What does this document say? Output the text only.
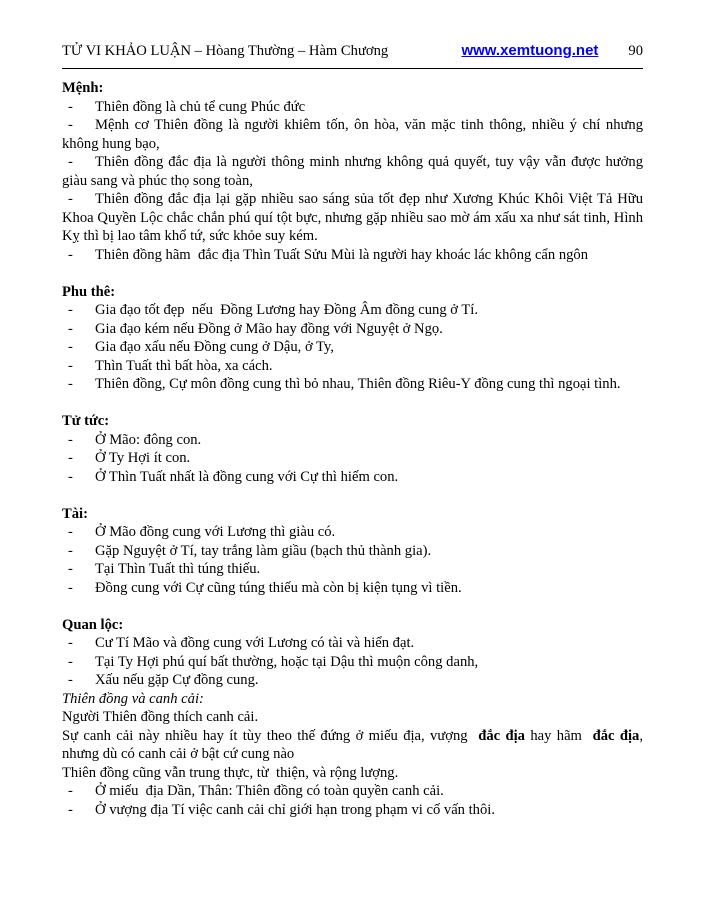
TỬ VI KHẢO LUẬN – Hòang Thường – Hàm Chương	www.xemtuong.net 90

Mệnh:

- Thiên đồng là chủ tể cung Phúc đức

- Mệnh cơ Thiên đồng là người khiêm tốn, ôn hòa, văn mặc tinh thông, nhiều ý chí nhưng không hung bạo,

- Thiên đồng đắc địa là người thông minh nhưng không quả quyết, tuy vậy vẫn được hưởng giàu sang và phúc thọ song toàn,

- Thiên đồng đắc địa lại gặp nhiều sao sáng sủa tốt đẹp như Xương Khúc Khôi Việt Tả Hữu Khoa Quyền Lộc chắc chắn phú quí tột bực, nhưng gặp nhiều sao mờ ám xấu xa như sát tinh, Hình Kỵ thì bị lao tâm khổ tứ, sức khỏe suy kém.

- Thiên đồng hãm  đắc địa Thìn Tuất Sửu Mùi là người hay khoác lác không cẩn ngôn

Phu thê:

- Gia đạo tốt đẹp  nếu  Đồng Lương hay Đồng Âm đồng cung ở Tí.

- Gia đạo kém nếu Đồng ở Mão hay đồng với Nguyệt ở Ngọ.

- Gia đạo xấu nếu Đồng cung ở Dậu, ở Ty,

- Thìn Tuất thì bất hòa, xa cách.

- Thiên đồng, Cự môn đồng cung thì bỏ nhau, Thiên đồng Riêu-Y đồng cung thì ngoại tình.

Tử tức:

- Ở Mão: đông con.

- Ở Ty Hợi ít con.

- Ở Thìn Tuất nhất là đồng cung với Cự thì hiếm con.

Tài:

- Ở Mão đồng cung với Lương thì giàu có.

- Gặp Nguyệt ở Tí, tay trắng làm giầu (bạch thủ thành gia).

- Tại Thìn Tuất thì túng thiếu.

- Đồng cung với Cự cũng túng thiếu mà còn bị kiện tụng vì tiền.

Quan lộc:

- Cư Tí Mão và đồng cung với Lương có tài và hiển đạt.

- Tại Ty Hợi phú quí bất thường, hoặc tại Dậu thì muộn công danh,

- Xấu nếu gặp Cự đồng cung.

Thiên đồng và canh cải:

Người Thiên đồng thích canh cải.

Sự canh cải này nhiều hay ít tùy theo thế đứng ở miếu địa, vượng  đắc địa hay hãm  đắc địa, nhưng dù có canh cải ở bật cứ cung nào

Thiên đồng cũng vẫn trung thực, từ  thiện, và rộng lượng.

- Ở miếu  địa Dần, Thân: Thiên đồng có toàn quyền canh cải.

- Ở vượng địa Tí việc canh cải chỉ giới hạn trong phạm vi cố vấn thôi.
